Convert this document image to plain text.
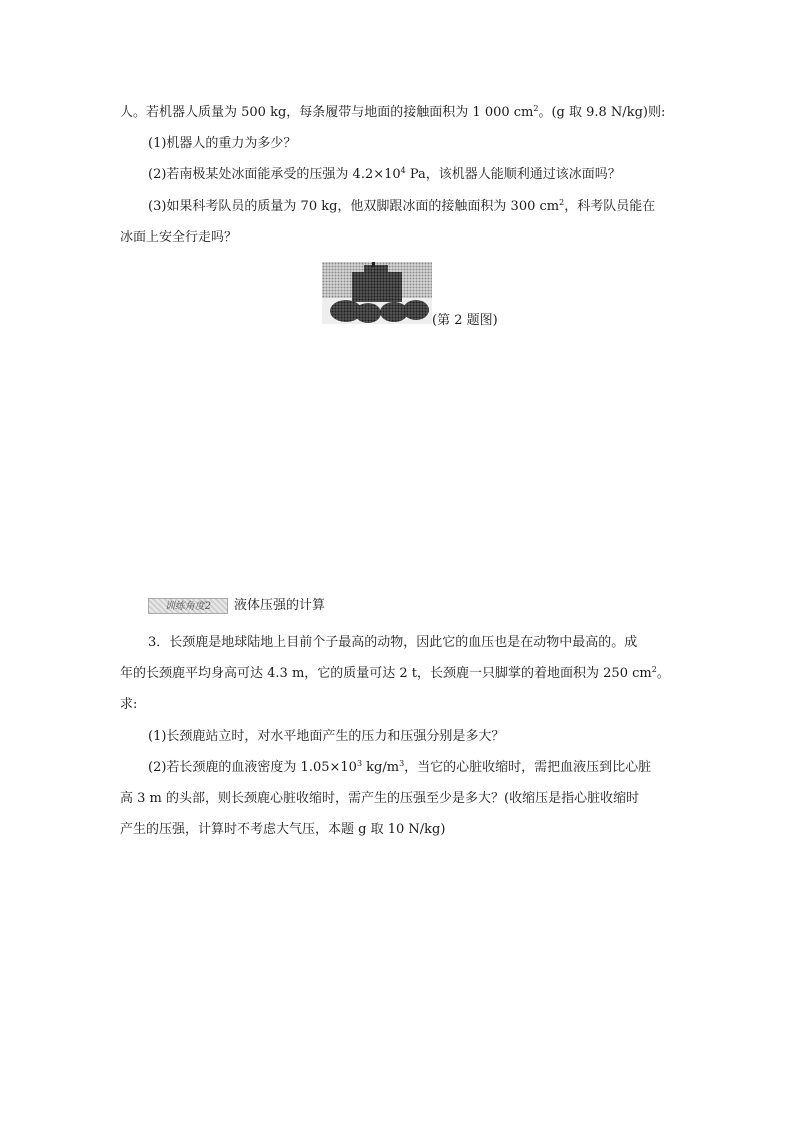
人。若机器人质量为 500 kg，每条履带与地面的接触面积为 1 000 $cm^2$。(g 取 9.8 N/kg)则:
(1)机器人的重力为多少？
(2)若南极某处冰面能承受的压强为 $4.2\times 10^4$ Pa，该机器人能顺利通过该冰面吗？
(3)如果科考队员的质量为 70 kg，他双脚跟冰面的接触面积为 300 $cm^2$，科考队员能在
冰面上安全行走吗？
(第 2 题图)
训练角度2	液体压强的计算
3．长颈鹿是地球陆地上目前个子最高的动物，因此它的血压也是在动物中最高的。成
年的长颈鹿平均身高可达 4.3 m，它的质量可达 2 t，长颈鹿一只脚掌的着地面积为 250 $cm^2$。
求:
(1)长颈鹿站立时，对水平地面产生的压力和压强分别是多大？
(2)若长颈鹿的血液密度为 $1.05\times 10^3$ $kg/m^3$，当它的心脏收缩时，需把血液压到比心脏
高 3 m 的头部，则长颈鹿心脏收缩时，需产生的压强至少是多大？(收缩压是指心脏收缩时
产生的压强，计算时不考虑大气压，本题 g 取 10 N/kg)
